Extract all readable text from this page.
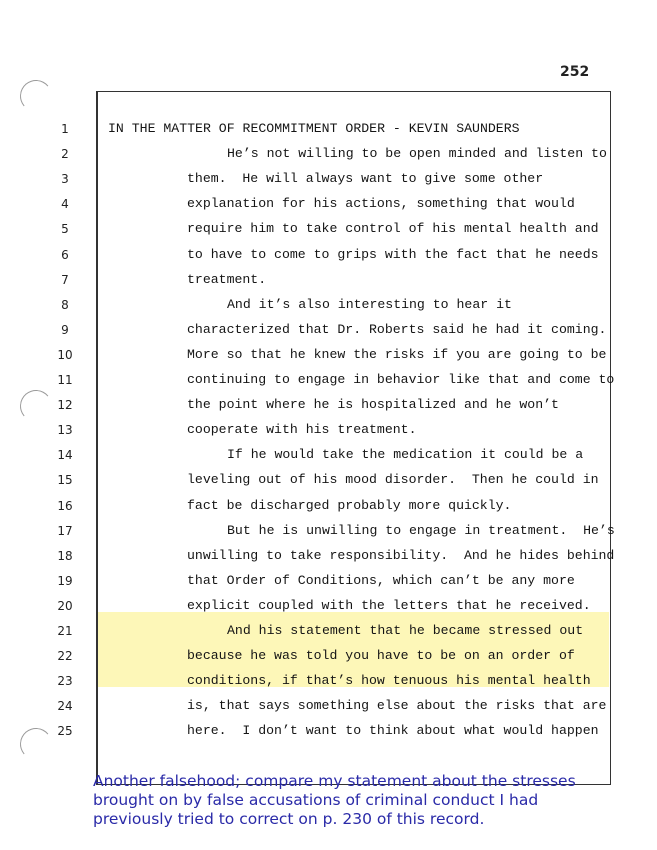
252
1	IN THE MATTER OF RECOMMITMENT ORDER - KEVIN SAUNDERS
2	He’s not willing to be open minded and listen to
3	them.  He will always want to give some other
4	explanation for his actions, something that would
5	require him to take control of his mental health and
6	to have to come to grips with the fact that he needs
7	treatment.
8	And it’s also interesting to hear it
9	characterized that Dr. Roberts said he had it coming.
10	More so that he knew the risks if you are going to be
11	continuing to engage in behavior like that and come to
12	the point where he is hospitalized and he won’t
13	cooperate with his treatment.
14	If he would take the medication it could be a
15	leveling out of his mood disorder.  Then he could in
16	fact be discharged probably more quickly.
17	But he is unwilling to engage in treatment.  He’s
18	unwilling to take responsibility.  And he hides behind
19	that Order of Conditions, which can’t be any more
20	explicit coupled with the letters that he received.
21	And his statement that he became stressed out
22	because he was told you have to be on an order of
23	conditions, if that’s how tenuous his mental health
24	is, that says something else about the risks that are
25	here.  I don’t want to think about what would happen
Another falsehood; compare my statement about the stresses brought on by false accusations of criminal conduct I had previously tried to correct on p. 230 of this record.
